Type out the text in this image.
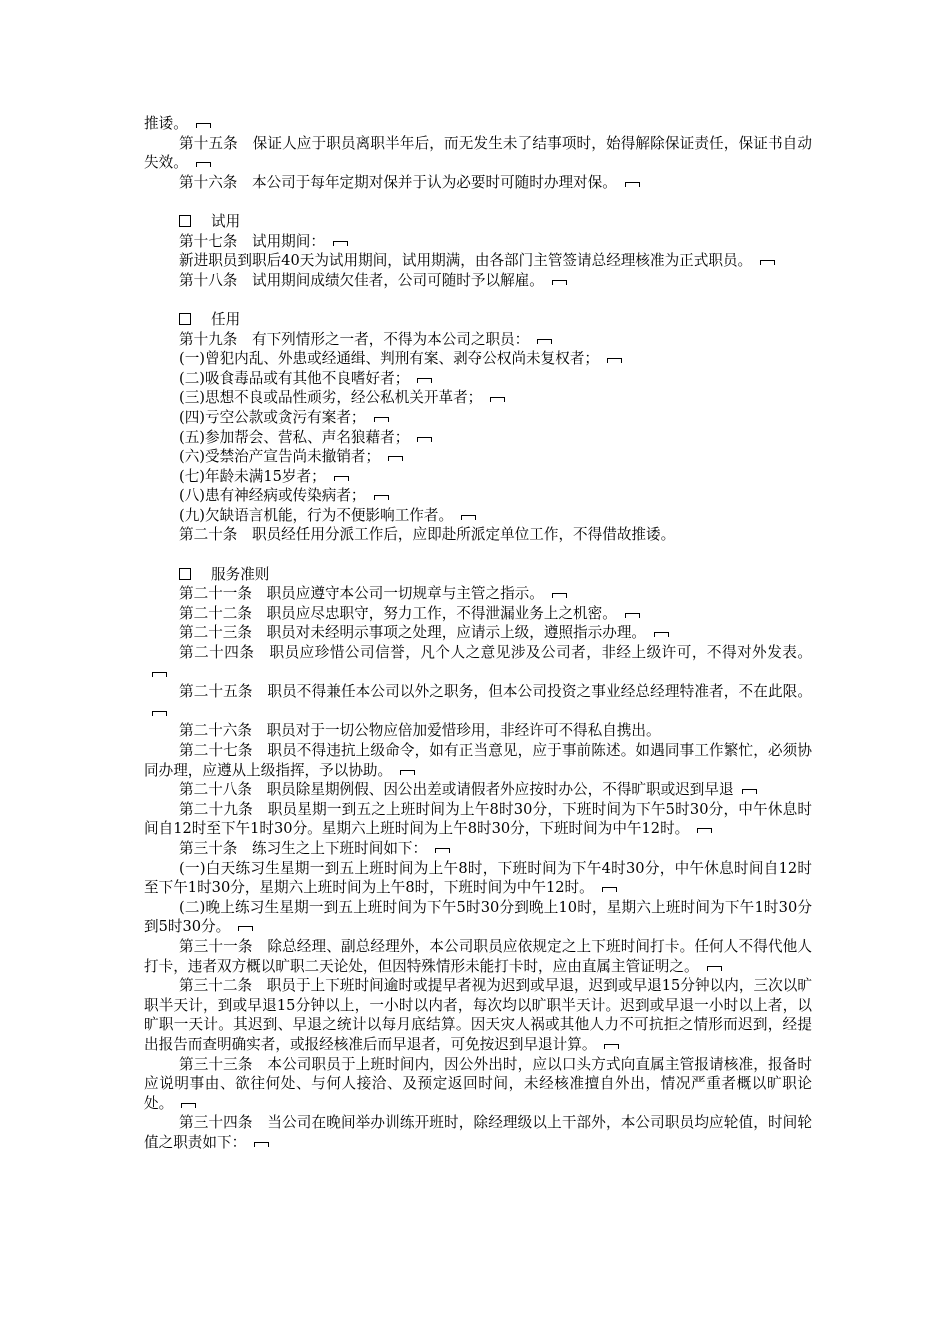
推诿。

第十五条　保证人应于职员离职半年后，而无发生未了结事项时，始得解除保证责任，保证书自动失效。

第十六条　本公司于每年定期对保并于认为必要时可随时办理对保。

试用

第十七条　试用期间：

新进职员到职后40天为试用期间，试用期满，由各部门主管签请总经理核准为正式职员。

第十八条　试用期间成绩欠佳者，公司可随时予以解雇。

任用

第十九条　有下列情形之一者，不得为本公司之职员：

(一)曾犯内乱、外患或经通缉、判刑有案、剥夺公权尚未复权者；

(二)吸食毒品或有其他不良嗜好者；

(三)思想不良或品性顽劣，经公私机关开革者；

(四)亏空公款或贪污有案者；

(五)参加帮会、营私、声名狼藉者；

(六)受禁治产宣告尚未撤销者；

(七)年龄未满15岁者；

(八)患有神经病或传染病者；

(九)欠缺语言机能，行为不便影响工作者。

第二十条　职员经任用分派工作后，应即赴所派定单位工作，不得借故推诿。

服务准则

第二十一条　职员应遵守本公司一切规章与主管之指示。

第二十二条　职员应尽忠职守，努力工作，不得泄漏业务上之机密。

第二十三条　职员对未经明示事项之处理，应请示上级，遵照指示办理。

第二十四条　职员应珍惜公司信誉，凡个人之意见涉及公司者，非经上级许可，不得对外发表。

第二十五条　职员不得兼任本公司以外之职务，但本公司投资之事业经总经理特准者，不在此限。

第二十六条　职员对于一切公物应倍加爱惜珍用，非经许可不得私自携出。

第二十七条　职员不得违抗上级命令，如有正当意见，应于事前陈述。如遇同事工作繁忙，必须协同办理，应遵从上级指挥，予以协助。

第二十八条　职员除星期例假、因公出差或请假者外应按时办公，不得旷职或迟到早退

第二十九条　职员星期一到五之上班时间为上午8时30分，下班时间为下午5时30分，中午休息时间自12时至下午1时30分。星期六上班时间为上午8时30分，下班时间为中午12时。

第三十条　练习生之上下班时间如下：

(一)白天练习生星期一到五上班时间为上午8时，下班时间为下午4时30分，中午休息时间自12时至下午1时30分，星期六上班时间为上午8时，下班时间为中午12时。

(二)晚上练习生星期一到五上班时间为下午5时30分到晚上10时，星期六上班时间为下午1时30分到5时30分。

第三十一条　除总经理、副总经理外，本公司职员应依规定之上下班时间打卡。任何人不得代他人打卡，违者双方概以旷职二天论处，但因特殊情形未能打卡时，应由直属主管证明之。

第三十二条　职员于上下班时间逾时或提早者视为迟到或早退，迟到或早退15分钟以内，三次以旷职半天计，到或早退15分钟以上，一小时以内者，每次均以旷职半天计。迟到或早退一小时以上者，以旷职一天计。其迟到、早退之统计以每月底结算。因天灾人祸或其他人力不可抗拒之情形而迟到，经提出报告而查明确实者，或报经核准后而早退者，可免按迟到早退计算。

第三十三条　本公司职员于上班时间内，因公外出时，应以口头方式向直属主管报请核准，报备时应说明事由、欲往何处、与何人接洽、及预定返回时间，未经核准擅自外出，情况严重者概以旷职论处。

第三十四条　当公司在晚间举办训练开班时，除经理级以上干部外，本公司职员均应轮值，时间轮值之职责如下：
